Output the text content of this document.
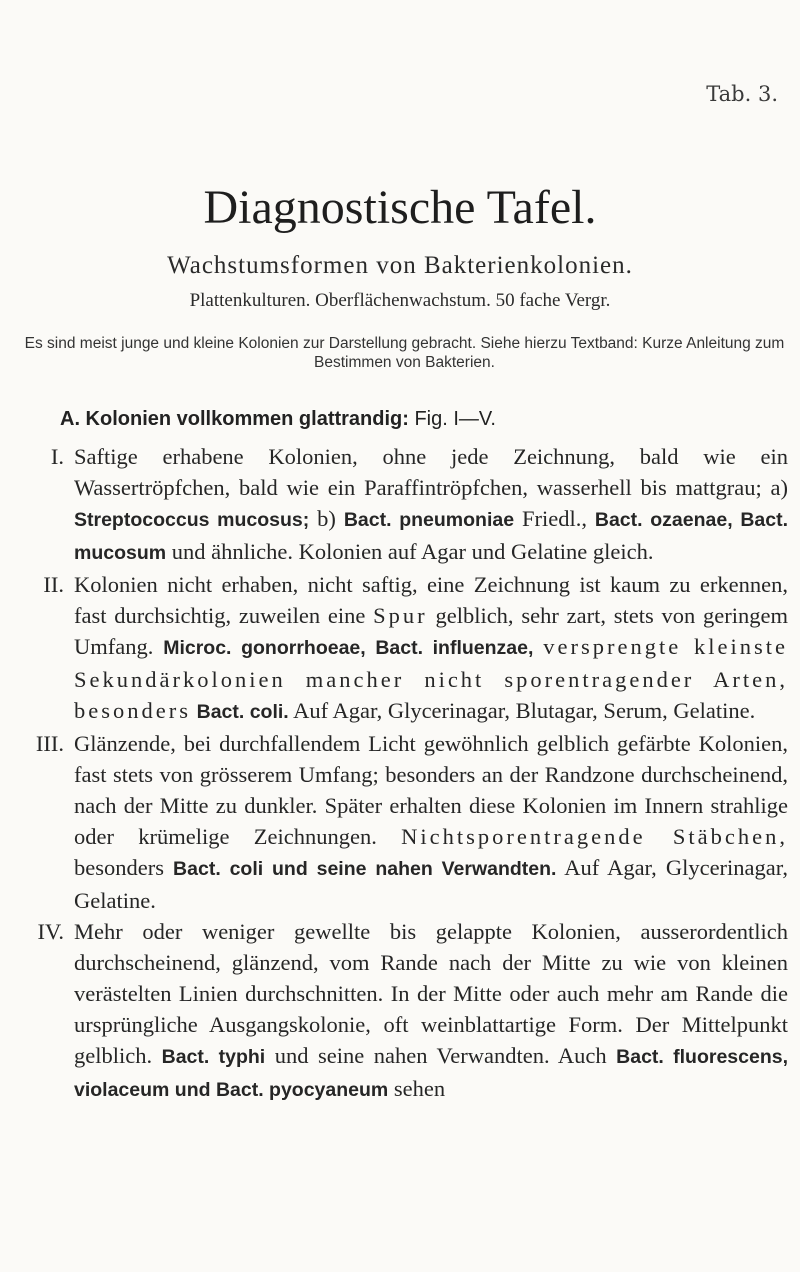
Tab. 3.
Diagnostische Tafel.
Wachstumsformen von Bakterienkolonien.
Plattenkulturen. Oberflächenwachstum. 50 fache Vergr.
Es sind meist junge und kleine Kolonien zur Darstellung gebracht. Siehe hierzu Textband: Kurze Anleitung zum Bestimmen von Bakterien.
A. Kolonien vollkommen glattrandig: Fig. I—V.
I. Saftige erhabene Kolonien, ohne jede Zeichnung, bald wie ein Wassertröpfchen, bald wie ein Paraffintröpfchen, wasserhell bis mattgrau; a) Streptococcus mucosus; b) Bact. pneumoniae Friedl., Bact. ozaenae, Bact. mucosum und ähnliche. Kolonien auf Agar und Gelatine gleich.
II. Kolonien nicht erhaben, nicht saftig, eine Zeichnung ist kaum zu erkennen, fast durchsichtig, zuweilen eine Spur gelblich, sehr zart, stets von geringem Umfang. Microc. gonorrhoeae, Bact. influenzae, versprengte kleinste Sekundärkolonien mancher nicht sporentragender Arten, besonders Bact. coli. Auf Agar, Glycerinagar, Blutagar, Serum, Gelatine.
III. Glänzende, bei durchfallendem Licht gewöhnlich gelblich gefärbte Kolonien, fast stets von grösserem Umfang; besonders an der Randzone durchscheinend, nach der Mitte zu dunkler. Später erhalten diese Kolonien im Innern strahlige oder krümelige Zeichnungen. Nichtsporentragende Stäbchen, besonders Bact. coli und seine nahen Verwandten. Auf Agar, Glycerinagar, Gelatine.
IV. Mehr oder weniger gewellte bis gelappte Kolonien, ausserordentlich durchscheinend, glänzend, vom Rande nach der Mitte zu wie von kleinen verästelten Linien durchschnitten. In der Mitte oder auch mehr am Rande die ursprüngliche Ausgangskolonie, oft weinblattartige Form. Der Mittelpunkt gelblich. Bact. typhi und seine nahen Verwandten. Auch Bact. fluorescens, violaceum und Bact. pyocyaneum sehen
